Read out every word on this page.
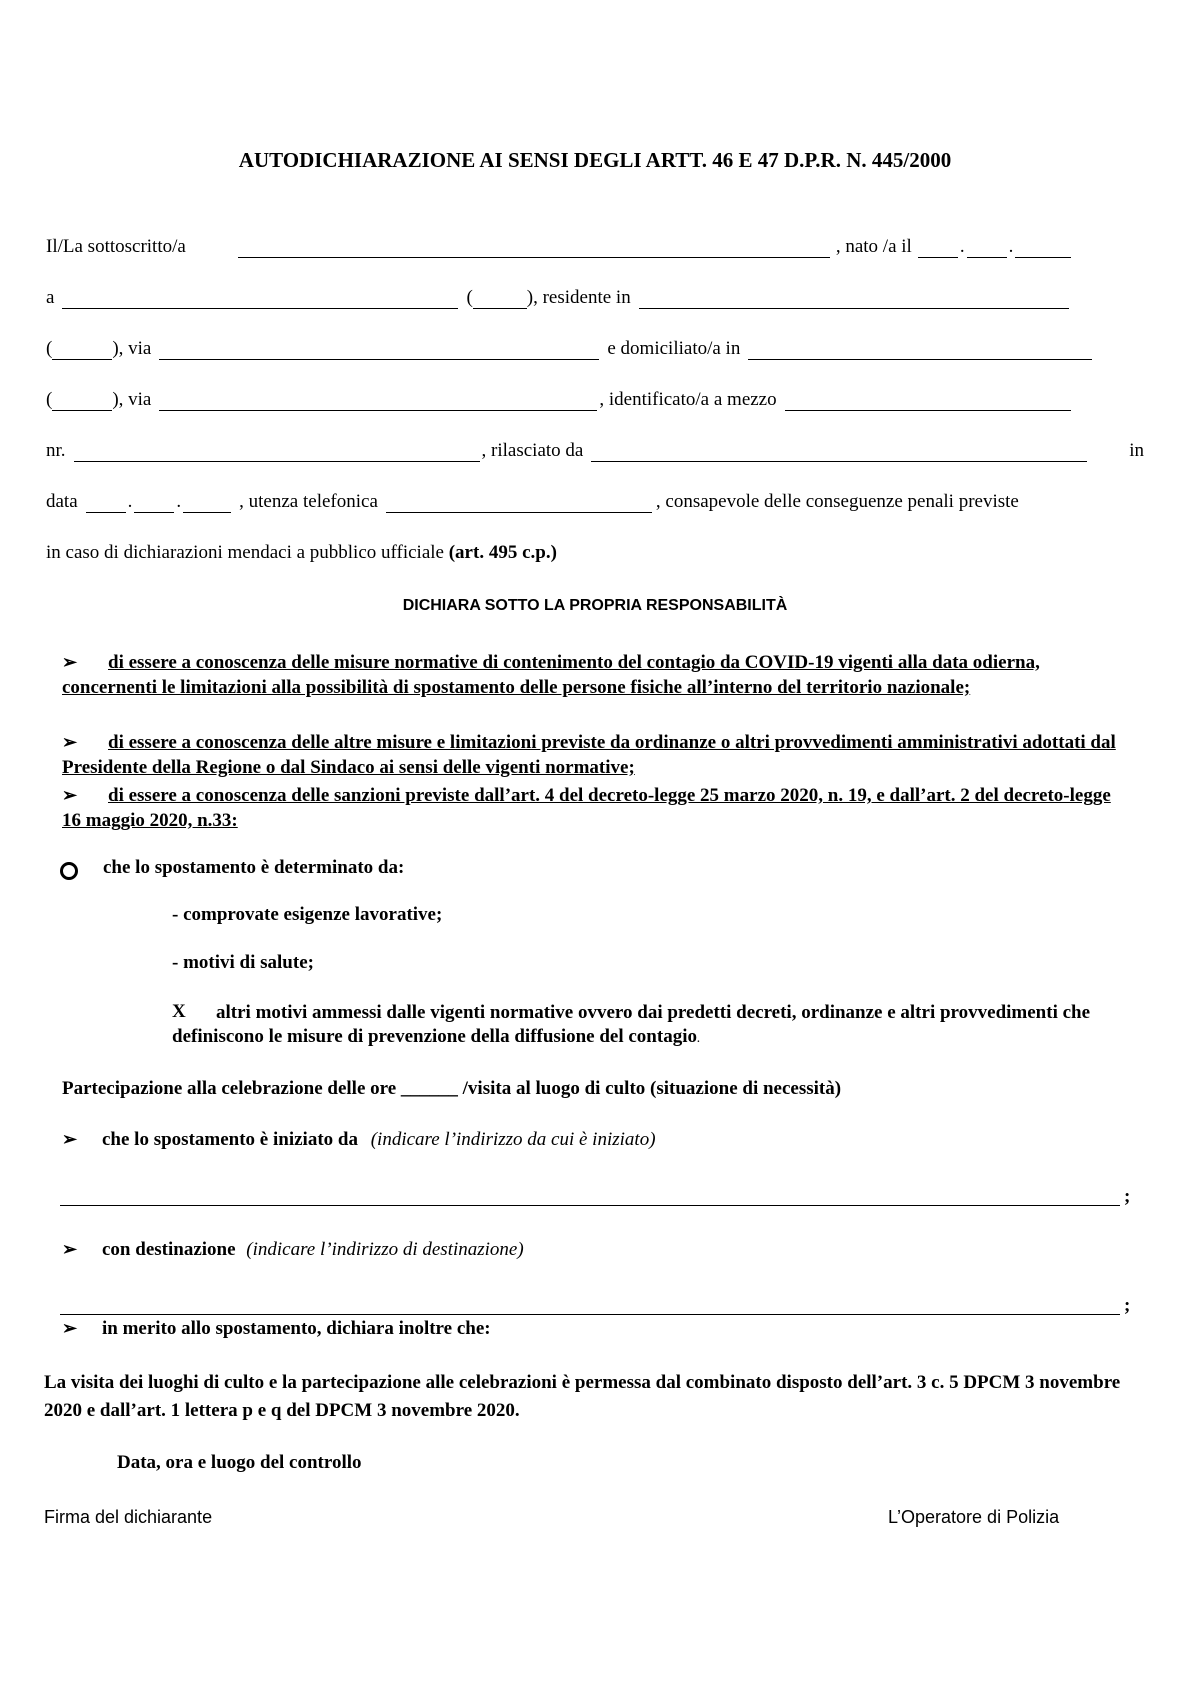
AUTODICHIARAZIONE AI SENSI DEGLI ARTT. 46 E 47 D.P.R. N. 445/2000
Il/La sottoscritto/a	, nato /a il	. .
a	(	), residente in
(	), via	e domiciliato/a in
(	), via	, identificato/a a mezzo
nr.	, rilasciato da	in
data	. .	, utenza telefonica	, consapevole delle conseguenze penali previste
in caso di dichiarazioni mendaci a pubblico ufficiale (art. 495 c.p.)
DICHIARA SOTTO LA PROPRIA RESPONSABILITÀ
➢ di essere a conoscenza delle misure normative di contenimento del contagio da COVID-19 vigenti alla data odierna, concernenti le limitazioni alla possibilità di spostamento delle persone fisiche all’interno del territorio nazionale;
➢ di essere a conoscenza delle altre misure e limitazioni previste da ordinanze o altri provvedimenti amministrativi adottati dal Presidente della Regione o dal Sindaco ai sensi delle vigenti normative;
➢ di essere a conoscenza delle sanzioni previste dall’art. 4 del decreto-legge 25 marzo 2020, n. 19, e dall’art. 2 del decreto-legge 16 maggio 2020, n.33:
che lo spostamento è determinato da:
- comprovate esigenze lavorative;
- motivi di salute;
X	altri motivi ammessi dalle vigenti normative ovvero dai predetti decreti, ordinanze e altri provvedimenti che definiscono le misure di prevenzione della diffusione del contagio.
Partecipazione alla celebrazione delle ore ______ /visita al luogo di culto (situazione di necessità)
➢ che lo spostamento è iniziato da (indicare l’indirizzo da cui è iniziato)
;
➢ con destinazione (indicare l’indirizzo di destinazione)
;
➢ in merito allo spostamento, dichiara inoltre che:
La visita dei luoghi di culto e la partecipazione alle celebrazioni è permessa dal combinato disposto dell’art. 3 c. 5 DPCM 3 novembre 2020 e dall’art. 1 lettera p e q del DPCM 3 novembre 2020.
Data, ora e luogo del controllo
Firma del dichiarante	L’Operatore di Polizia
